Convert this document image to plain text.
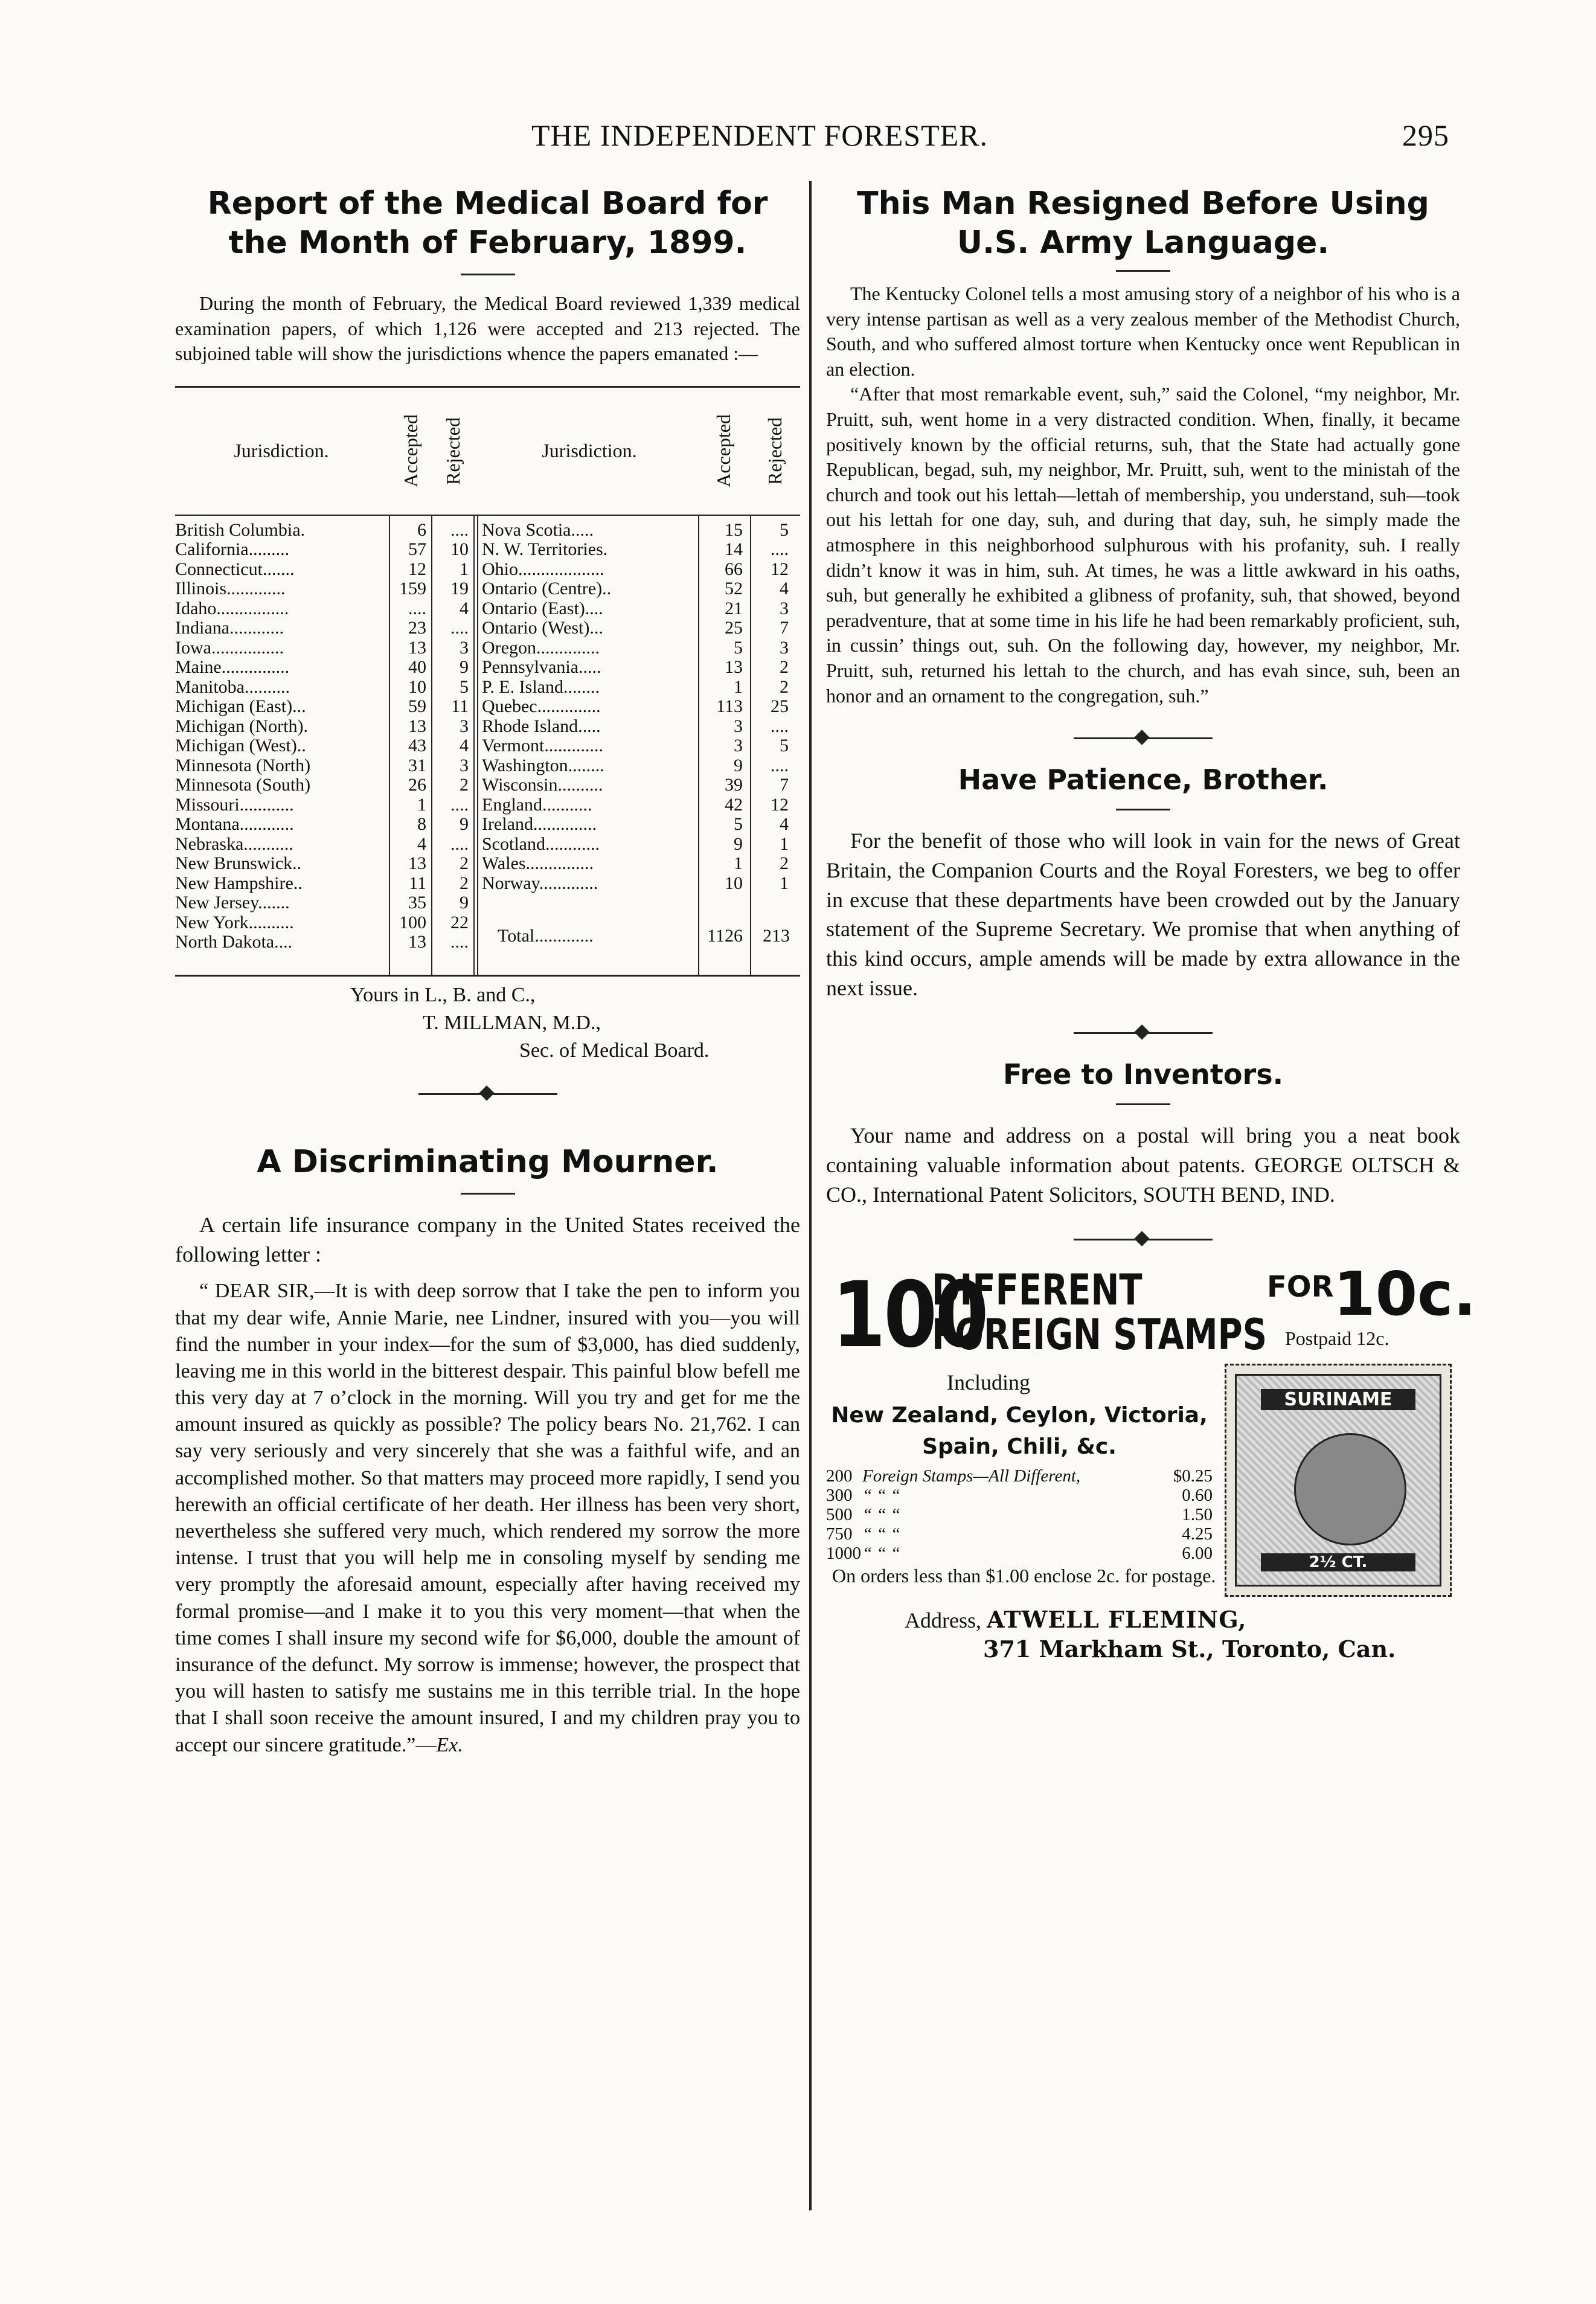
THE INDEPENDENT FORESTER.	295
Report of the Medical Board for the Month of February, 1899.

During the month of February, the Medical Board reviewed 1,339 medical examination papers, of which 1,126 were accepted and 213 rejected. The subjoined table will show the jurisdictions whence the papers emanated :—

Jurisdiction.	Accepted Rejected	Jurisdiction.	Accepted Rejected
British Columbia.	6	....
California.........	57	10
Connecticut.......	12	1
Illinois.............	159	19
Idaho................	....	4
Indiana............	23	....
Iowa................	13	3
Maine...............	40	9
Manitoba..........	10	5
Michigan (East)...	59	11
Michigan (North).	13	3
Michigan (West)..	43	4
Minnesota (North)	31	3
Minnesota (South)	26	2
Missouri............	1	....
Montana............	8	9
Nebraska...........	4	....
New Brunswick..	13	2
New Hampshire..	11	2
New Jersey.......	35	9
New York..........	100	22
North Dakota....	13	....
Nova Scotia.....	15	5
N. W. Territories.	14	....
Ohio...................	66	12
Ontario (Centre)..	52	4
Ontario (East)....	21	3
Ontario (West)...	25	7
Oregon..............	5	3
Pennsylvania.....	13	2
P. E. Island........	1	2
Quebec..............	113	25
Rhode Island.....	3	....
Vermont.............	3	5
Washington........	9	....
Wisconsin..........	39	7
England...........	42	12
Ireland..............	5	4
Scotland............	9	1
Wales...............	1	2
Norway.............	10	1
Total.............	1126	213
Yours in L., B. and C.,
T. MILLMAN, M.D.,
Sec. of Medical Board.
A Discriminating Mourner.

A certain life insurance company in the United States received the following letter :

“ DEAR SIR,—It is with deep sorrow that I take the pen to inform you that my dear wife, Annie Marie, nee Lindner, insured with you—you will find the number in your index—for the sum of $3,000, has died suddenly, leaving me in this world in the bitterest despair. This painful blow befell me this very day at 7 o’clock in the morning. Will you try and get for me the amount insured as quickly as possible? The policy bears No. 21,762. I can say very seriously and very sincerely that she was a faithful wife, and an accomplished mother. So that matters may proceed more rapidly, I send you herewith an official certificate of her death. Her illness has been very short, nevertheless she suffered very much, which rendered my sorrow the more intense. I trust that you will help me in consoling myself by sending me very promptly the aforesaid amount, especially after having received my formal promise—and I make it to you this very moment—that when the time comes I shall insure my second wife for $6,000, double the amount of insurance of the defunct. My sorrow is immense; however, the prospect that you will hasten to satisfy me sustains me in this terrible trial. In the hope that I shall soon receive the amount insured, I and my children pray you to accept our sincere gratitude.”—Ex.

This Man Resigned Before Using U.S. Army Language.

The Kentucky Colonel tells a most amusing story of a neighbor of his who is a very intense partisan as well as a very zealous member of the Methodist Church, South, and who suffered almost torture when Kentucky once went Republican in an election.

“After that most remarkable event, suh,” said the Colonel, “my neighbor, Mr. Pruitt, suh, went home in a very distracted condition. When, finally, it became positively known by the official returns, suh, that the State had actually gone Republican, begad, suh, my neighbor, Mr. Pruitt, suh, went to the ministah of the church and took out his lettah—lettah of membership, you understand, suh—took out his lettah for one day, suh, and during that day, suh, he simply made the atmosphere in this neighborhood sulphurous with his profanity, suh. I really didn’t know it was in him, suh. At times, he was a little awkward in his oaths, suh, but generally he exhibited a glibness of profanity, suh, that showed, beyond peradventure, that at some time in his life he had been remarkably proficient, suh, in cussin’ things out, suh. On the following day, however, my neighbor, Mr. Pruitt, suh, returned his lettah to the church, and has evah since, suh, been an honor and an ornament to the congregation, suh.”

Have Patience, Brother.

For the benefit of those who will look in vain for the news of Great Britain, the Companion Courts and the Royal Foresters, we beg to offer in excuse that these departments have been crowded out by the January statement of the Supreme Secretary. We promise that when anything of this kind occurs, ample amends will be made by extra allowance in the next issue.

Free to Inventors.

Your name and address on a postal will bring you a neat book containing valuable information about patents. GEORGE OLTSCH & CO., International Patent Solicitors, SOUTH BEND, IND.

100
DIFFERENT
FOREIGN STAMPS
FOR 10c.
Postpaid 12c.
Including
New Zealand, Ceylon, Victoria,
Spain, Chili, &c.
SURINAME
2½ CT.
200 Foreign Stamps—All Different,	$0.25
300 “ “ “	0.60
500 “ “ “	1.50
750 “ “ “	4.25
1000 “ “ “	6.00
On orders less than $1.00 enclose 2c. for postage.
Address, ATWELL FLEMING,
371 Markham St., Toronto, Can.
